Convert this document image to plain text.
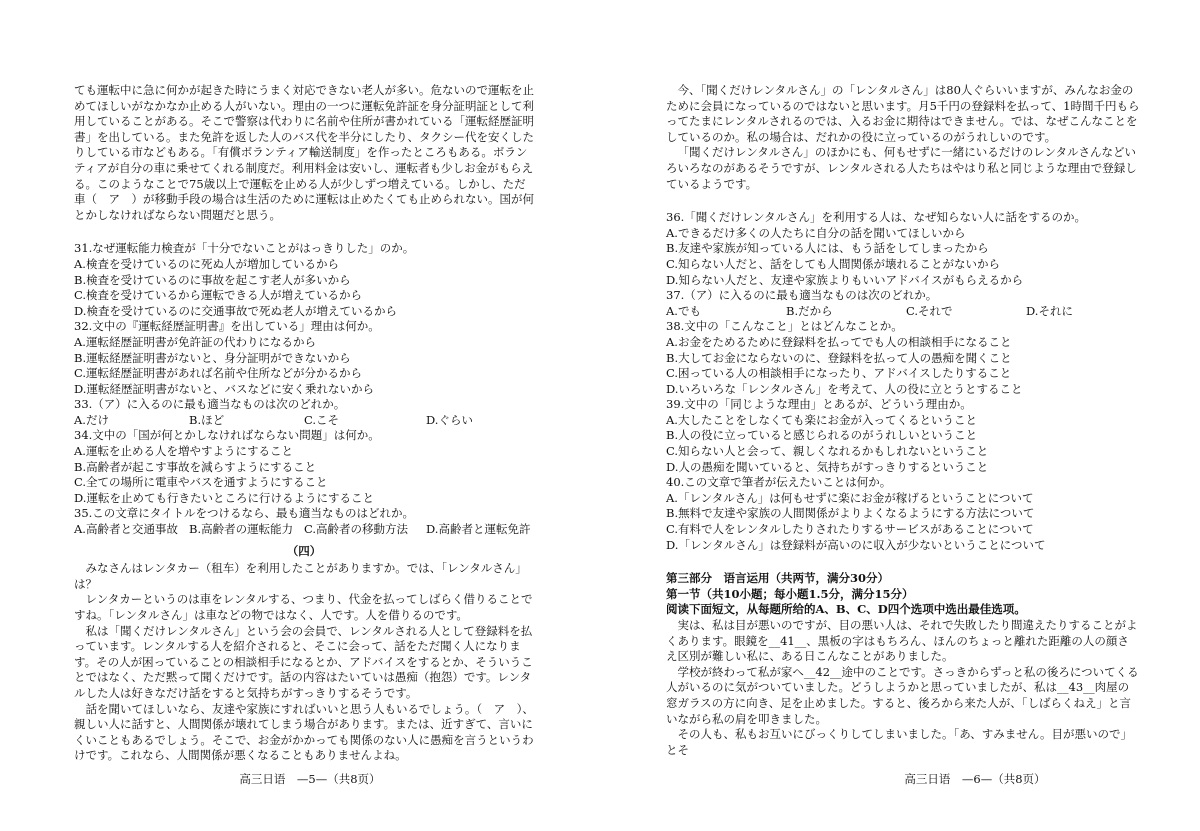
ても運転中に急に何かが起きた時にうまく対応できない老人が多い。危ないので運転を止めてほしいがなかなか止める人がいない。理由の一つに運転免許証を身分証明証として利用していることがある。そこで警察は代わりに名前や住所が書かれている「運転経歴証明書」を出している。また免許を返した人のバス代を半分にしたり、タクシー代を安くしたりしている市などもある。「有償ボランティア輸送制度」を作ったところもある。ボランティアが自分の車に乗せてくれる制度だ。利用料金は安いし、運転者も少しお金がもらえる。このようなことで75歳以上で運転を止める人が少しずつ増えている。しかし、ただ車（　ア　）が移動手段の場合は生活のために運転は止めたくても止められない。国が何とかしなければならない問題だと思う。

31.なぜ運転能力検査が「十分でないことがはっきりした」のか。

A.検査を受けているのに死ぬ人が増加しているから

B.検査を受けているのに事故を起こす老人が多いから

C.検査を受けているから運転できる人が増えているから

D.検査を受けているのに交通事故で死ぬ老人が増えているから

32.文中の『運転経歴証明書』を出している」理由は何か。

A.運転経歴証明書が免許証の代わりになるから

B.運転経歴証明書がないと、身分証明ができないから

C.運転経歴証明書があれば名前や住所などが分かるから

D.運転経歴証明書がないと、バスなどに安く乗れないから

33.（ア）に入るのに最も適当なものは次のどれか。

A.だけ	B.ほど	C.こそ	D.ぐらい

34.文中の「国が何とかしなければならない問題」は何か。

A.運転を止める人を増やすようにすること

B.高齢者が起こす事故を減らすようにすること

C.全ての場所に電車やバスを通すようにすること

D.運転を止めても行きたいところに行けるようにすること

35.この文章にタイトルをつけるなら、最も適当なものはどれか。

A.高齢者と交通事故 B.高齢者の運転能力 C.高齢者の移動方法	D.高齢者と運転免許

（四）

みなさんはレンタカー（租车）を利用したことがありますか。では、「レンタルさん」は？

レンタカーというのは車をレンタルする、つまり、代金を払ってしばらく借りることですね。「レンタルさん」は車などの物ではなく、人です。人を借りるのです。

私は「聞くだけレンタルさん」という会の会員で、レンタルされる人として登録料を払っています。レンタルする人を紹介されると、そこに会って、話をただ聞く人になります。その人が困っていることの相談相手になるとか、アドバイスをするとか、そういうことではなく、ただ黙って聞くだけです。話の内容はたいていは愚痴（抱怨）です。レンタルした人は好きなだけ話をすると気持ちがすっきりするそうです。

話を聞いてほしいなら、友達や家族にすればいいと思う人もいるでしょう。（　ア　）、親しい人に話すと、人間関係が壊れてしまう場合があります。または、近すぎて、言いにくいこともあるでしょう。そこで、お金がかかっても関係のない人に愚痴を言うというわけです。これなら、人間関係が悪くなることもありませんよね。

高三日语　—5—（共8页）

今、「聞くだけレンタルさん」の「レンタルさん」は80人ぐらいいますが、みんなお金のために会員になっているのではないと思います。月5千円の登録料を払って、1時間千円もらってたまにレンタルされるのでは、入るお金に期待はできません。では、なぜこんなことをしているのか。私の場合は、だれかの役に立っているのがうれしいのです。

「聞くだけレンタルさん」のほかにも、何もせずに一緒にいるだけのレンタルさんなどいろいろなのがあるそうですが、レンタルされる人たちはやはり私と同じような理由で登録しているようです。

36.「聞くだけレンタルさん」を利用する人は、なぜ知らない人に話をするのか。

A.できるだけ多くの人たちに自分の話を聞いてほしいから

B.友達や家族が知っている人には、もう話をしてしまったから

C.知らない人だと、話をしても人間関係が壊れることがないから

D.知らない人だと、友達や家族よりもいいアドバイスがもらえるから

37.（ア）に入るのに最も適当なものは次のどれか。

A.でも	B.だから	C.それで	D.それに

38.文中の「こんなこと」とはどんなことか。

A.お金をためるために登録料を払ってでも人の相談相手になること

B.大してお金にならないのに、登録料を払って人の愚痴を聞くこと

C.困っている人の相談相手になったり、アドバイスしたりすること

D.いろいろな「レンタルさん」を考えて、人の役に立とうとすること

39.文中の「同じような理由」とあるが、どういう理由か。

A.大したことをしなくても楽にお金が入ってくるということ

B.人の役に立っていると感じられるのがうれしいということ

C.知らない人と会って、親しくなれるかもしれないということ

D.人の愚痴を聞いていると、気持ちがすっきりするということ

40.この文章で筆者が伝えたいことは何か。

A.「レンタルさん」は何もせずに楽にお金が稼げるということについて

B.無料で友達や家族の人間関係がよりよくなるようにする方法について

C.有料で人をレンタルしたりされたりするサービスがあることについて

D.「レンタルさん」は登録料が高いのに収入が少ないということについて

第三部分　语言运用（共两节，满分30分）

第一节（共10小题；每小题1.5分，满分15分）

阅读下面短文，从每题所给的A、B、C、D四个选项中选出最佳选项。

実は、私は目が悪いのですが、目の悪い人は、それで失敗したり間違えたりすることがよくあります。眼鏡を__41__、黒板の字はもちろん、ほんのちょっと離れた距離の人の顔さえ区別が難しい私に、ある日こんなことがありました。

学校が終わって私が家へ__42__途中のことです。さっきからずっと私の後ろについてくる人がいるのに気がついていました。どうしようかと思っていましたが、私は__43__肉屋の窓ガラスの方に向き、足を止めました。すると、後ろから来た人が、「しばらくねえ」と言いながら私の肩を叩きました。

その人も、私もお互いにびっくりしてしまいました。「あ、すみません。目が悪いので」とそ

高三日语　—6—（共8页）
